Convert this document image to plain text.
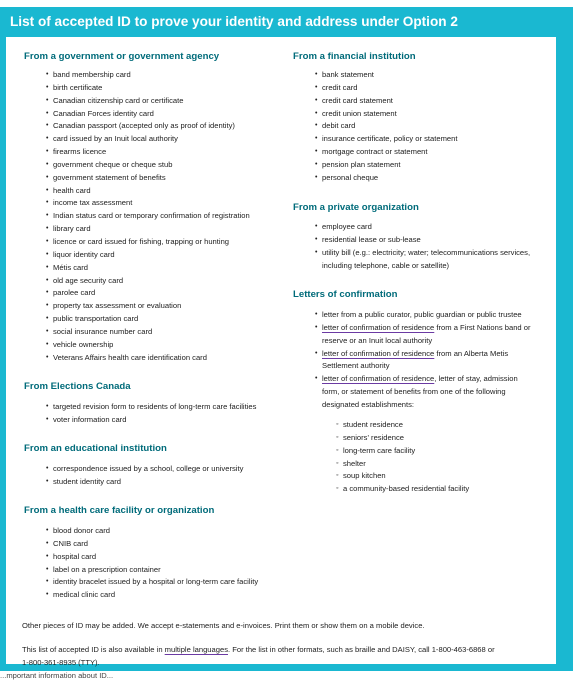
List of accepted ID to prove your identity and address under Option 2
From a government or government agency
• band membership card
• birth certificate
• Canadian citizenship card or certificate
• Canadian Forces identity card
• Canadian passport (accepted only as proof of identity)
• card issued by an Inuit local authority
• firearms licence
• government cheque or cheque stub
• government statement of benefits
• health card
• income tax assessment
• Indian status card or temporary confirmation of registration
• library card
• licence or card issued for fishing, trapping or hunting
• liquor identity card
• Métis card
• old age security card
• parolee card
• property tax assessment or evaluation
• public transportation card
• social insurance number card
• vehicle ownership
• Veterans Affairs health care identification card
From Elections Canada
• targeted revision form to residents of long-term care facilities
• voter information card
From an educational institution
• correspondence issued by a school, college or university
• student identity card
From a health care facility or organization
• blood donor card
• CNIB card
• hospital card
• label on a prescription container
• identity bracelet issued by a hospital or long-term care facility
• medical clinic card
From a financial institution
• bank statement
• credit card
• credit card statement
• credit union statement
• debit card
• insurance certificate, policy or statement
• mortgage contract or statement
• pension plan statement
• personal cheque
From a private organization
• employee card
• residential lease or sub-lease
• utility bill (e.g.: electricity; water; telecommunications services,
including telephone, cable or satellite)
Letters of confirmation
• letter from a public curator, public guardian or public trustee
• letter of confirmation of residence from a First Nations band or
reserve or an Inuit local authority
• letter of confirmation of residence from an Alberta Metis
Settlement authority
• letter of confirmation of residence, letter of stay, admission
form, or statement of benefits from one of the following
designated establishments:
◦ student residence
◦ seniors' residence
◦ long-term care facility
◦ shelter
◦ soup kitchen
◦ a community-based residential facility
Other pieces of ID may be added. We accept e-statements and e-invoices. Print them or show them on a mobile device.
This list of accepted ID is also available in multiple languages. For the list in other formats, such as braille and DAISY, call 1-800-463-6868 or
1-800-361-8935 (TTY).
...mportant information about ID...
